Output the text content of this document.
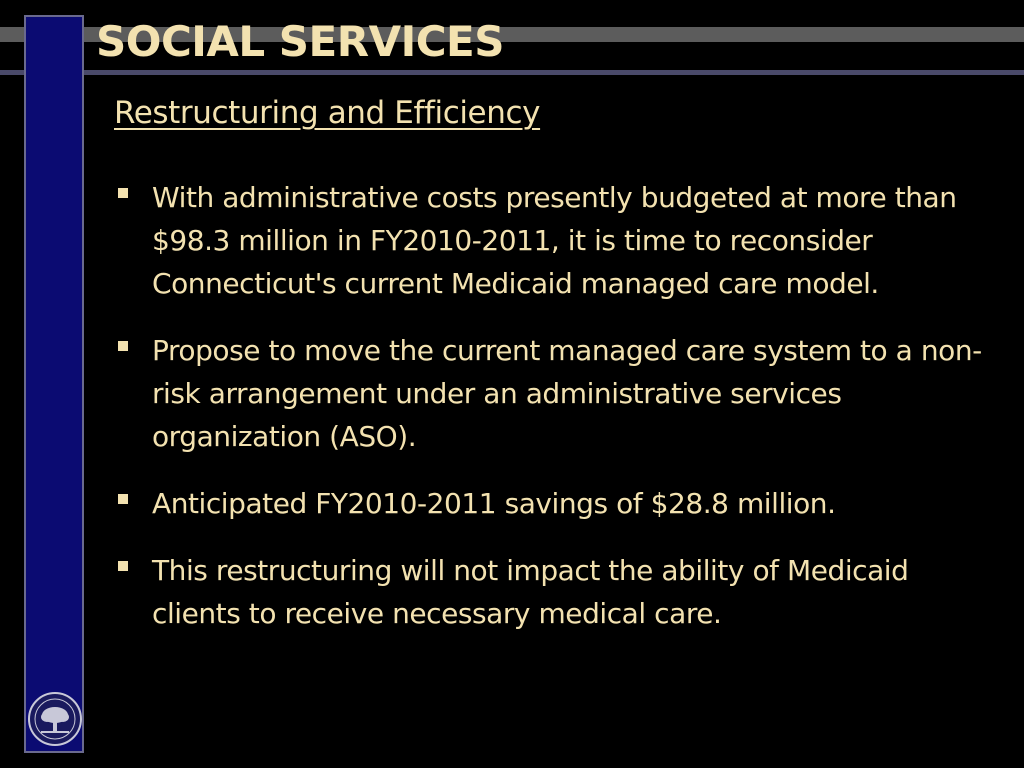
SOCIAL SERVICES
Restructuring and Efficiency
With administrative costs presently budgeted at more than $98.3 million in FY2010-2011, it is time to reconsider Connecticut's current Medicaid managed care model.
Propose to move the current managed care system to a non-risk arrangement under an administrative services organization (ASO).
Anticipated FY2010-2011 savings of $28.8 million.
This restructuring will not impact the ability of Medicaid clients to receive necessary medical care.
